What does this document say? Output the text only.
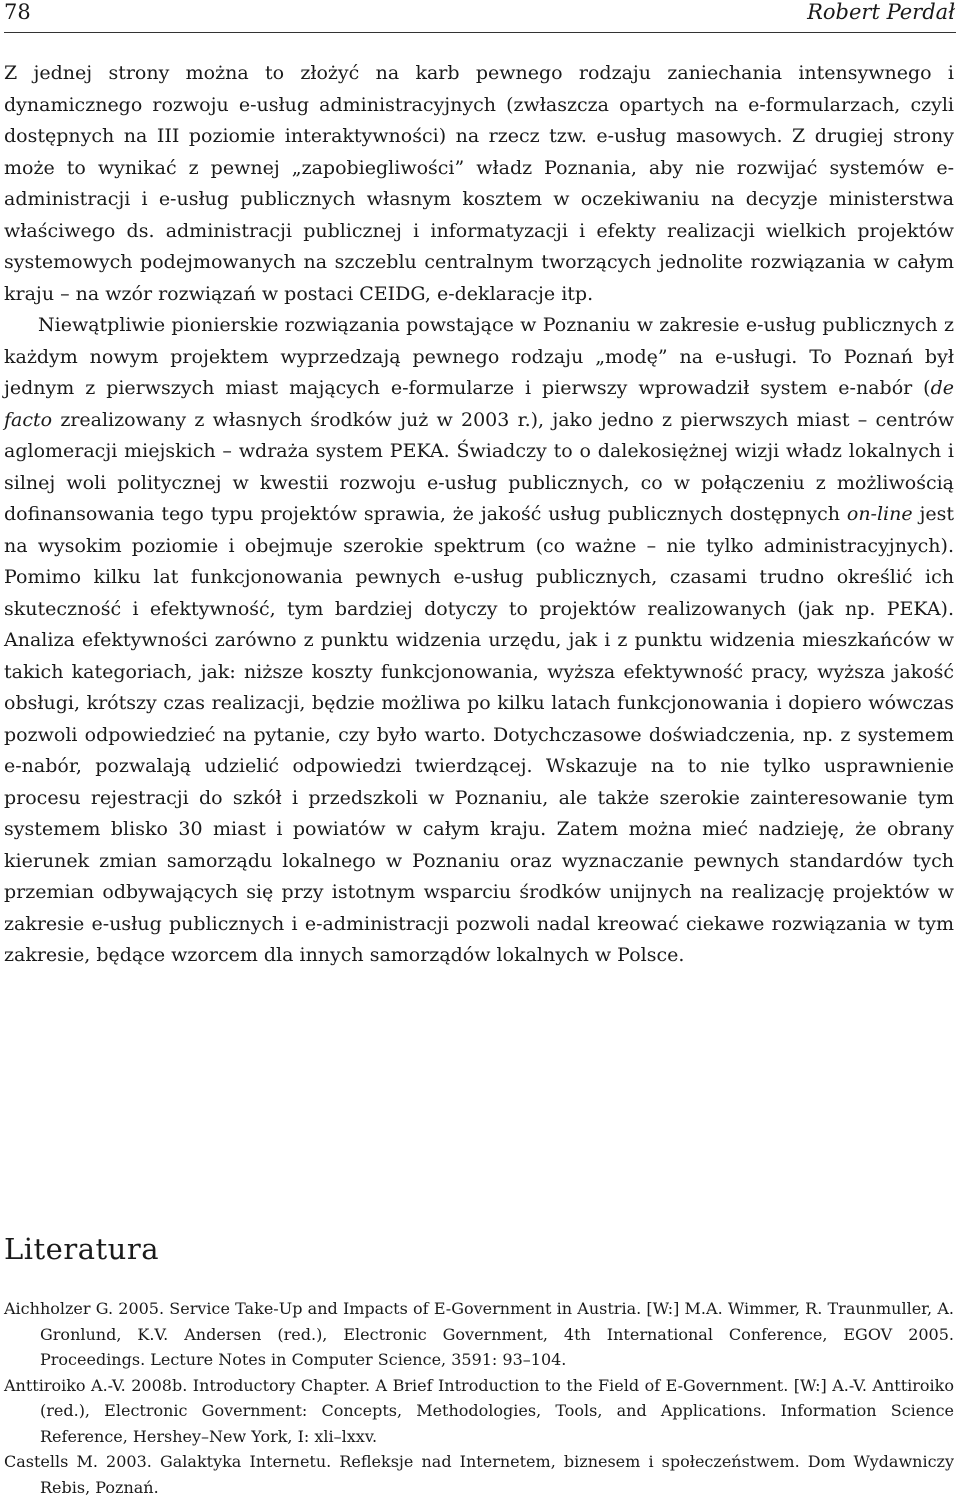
78	Robert Perdał

Z jednej strony można to złożyć na karb pewnego rodzaju zaniechania intensywnego i dynamicznego rozwoju e-usług administracyjnych (zwłaszcza opartych na e-formularzach, czyli dostępnych na III poziomie interaktywności) na rzecz tzw. e-usług masowych. Z drugiej strony może to wynikać z pewnej „zapobiegliwości” władz Poznania, aby nie rozwijać systemów e-administracji i e-usług publicznych własnym kosztem w oczekiwaniu na decyzje ministerstwa właściwego ds. administracji publicznej i informatyzacji i efekty realizacji wielkich projektów systemowych podejmowanych na szczeblu centralnym tworzących jednolite rozwiązania w całym kraju – na wzór rozwiązań w postaci CEIDG, e-deklaracje itp.

Niewątpliwie pionierskie rozwiązania powstające w Poznaniu w zakresie e-usług publicznych z każdym nowym projektem wyprzedzają pewnego rodzaju „modę” na e-usługi. To Poznań był jednym z pierwszych miast mających e-formularze i pierwszy wprowadził system e-nabór (de facto zrealizowany z własnych środków już w 2003 r.), jako jedno z pierwszych miast – centrów aglomeracji miejskich – wdraża system PEKA. Świadczy to o dalekosiężnej wizji władz lokalnych i silnej woli politycznej w kwestii rozwoju e-usług publicznych, co w połączeniu z możliwością dofinansowania tego typu projektów sprawia, że jakość usług publicznych dostępnych on-line jest na wysokim poziomie i obejmuje szerokie spektrum (co ważne – nie tylko administracyjnych). Pomimo kilku lat funkcjonowania pewnych e-usług publicznych, czasami trudno określić ich skuteczność i efektywność, tym bardziej dotyczy to projektów realizowanych (jak np. PEKA). Analiza efektywności zarówno z punktu widzenia urzędu, jak i z punktu widzenia mieszkańców w takich kategoriach, jak: niższe koszty funkcjonowania, wyższa efektywność pracy, wyższa jakość obsługi, krótszy czas realizacji, będzie możliwa po kilku latach funkcjonowania i dopiero wówczas pozwoli odpowiedzieć na pytanie, czy było warto. Dotychczasowe doświadczenia, np. z systemem e-nabór, pozwalają udzielić odpowiedzi twierdzącej. Wskazuje na to nie tylko usprawnienie procesu rejestracji do szkół i przedszkoli w Poznaniu, ale także szerokie zainteresowanie tym systemem blisko 30 miast i powiatów w całym kraju. Zatem można mieć nadzieję, że obrany kierunek zmian samorządu lokalnego w Poznaniu oraz wyznaczanie pewnych standardów tych przemian odbywających się przy istotnym wsparciu środków unijnych na realizację projektów w zakresie e-usług publicznych i e-administracji pozwoli nadal kreować ciekawe rozwiązania w tym zakresie, będące wzorcem dla innych samorządów lokalnych w Polsce.

Literatura

Aichholzer G. 2005. Service Take-Up and Impacts of E-Government in Austria. [W:] M.A. Wimmer, R. Traunmuller, A. Gronlund, K.V. Andersen (red.), Electronic Government, 4th International Conference, EGOV 2005. Proceedings. Lecture Notes in Computer Science, 3591: 93–104.

Anttiroiko A.-V. 2008b. Introductory Chapter. A Brief Introduction to the Field of E-Government. [W:] A.-V. Anttiroiko (red.), Electronic Government: Concepts, Methodologies, Tools, and Applications. Information Science Reference, Hershey–New York, I: xli–lxxv.

Castells M. 2003. Galaktyka Internetu. Refleksje nad Internetem, biznesem i społeczeństwem. Dom Wydawniczy Rebis, Poznań.
